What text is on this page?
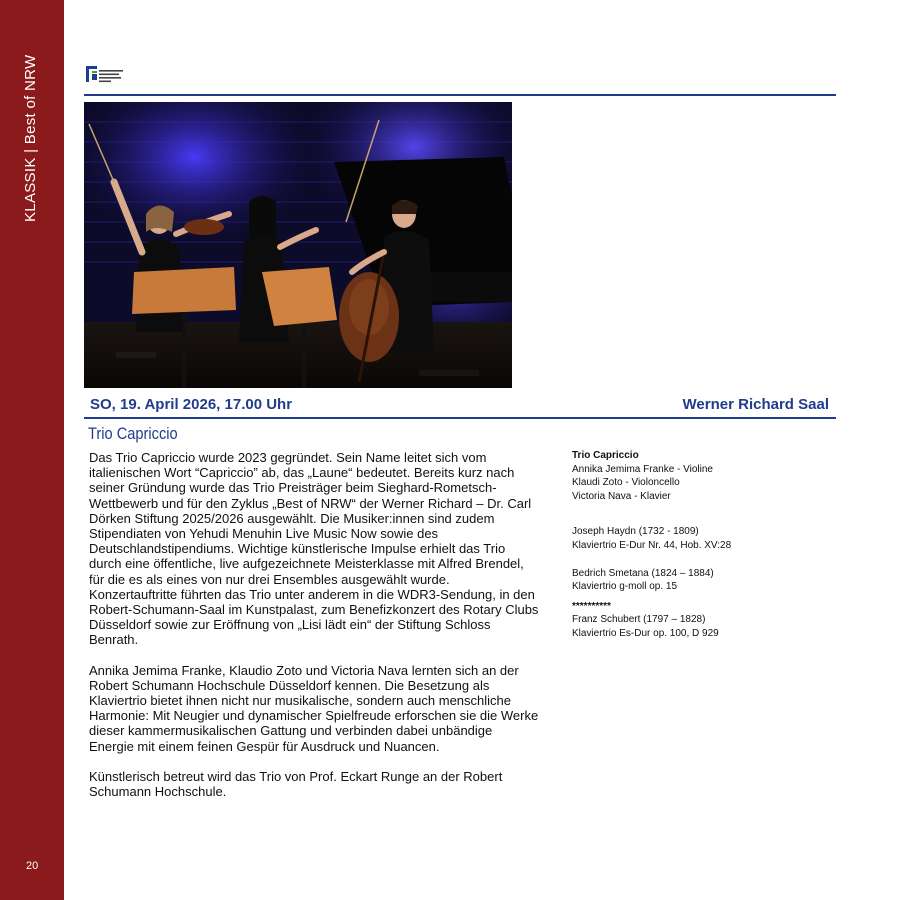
KLASSIK | Best of NRW
20
SO, 19. April 2026, 17.00 Uhr	Werner Richard Saal
Trio Capriccio

Das Trio Capriccio wurde 2023 gegründet. Sein Name leitet sich vom italienischen Wort “Capriccio” ab, das „Laune“ bedeutet. Bereits kurz nach seiner Gründung wurde das Trio Preisträger beim Sieghard-Rometsch-Wettbewerb und für den Zyklus „Best of NRW“ der Werner Richard – Dr. Carl Dörken Stiftung 2025/2026 ausgewählt. Die Musiker:innen sind zudem Stipendiaten von Yehudi Menuhin Live Music Now sowie des Deutschlandstipendiums. Wichtige künstlerische Impulse erhielt das Trio durch eine öffentliche, live aufgezeichnete Meisterklasse mit Alfred Brendel, für die es als eines von nur drei Ensembles ausgewählt wurde. Konzertauftritte führten das Trio unter anderem in die WDR3-Sendung, in den Robert-Schumann-Saal im Kunstpalast, zum Benefizkonzert des Rotary Clubs Düsseldorf sowie zur Eröffnung von „Lisi lädt ein“ der Stiftung Schloss Benrath.

Annika Jemima Franke, Klaudio Zoto und Victoria Nava lernten sich an der Robert Schumann Hochschule Düsseldorf kennen. Die Besetzung als Klaviertrio bietet ihnen nicht nur musikalische, sondern auch menschliche Harmonie: Mit Neugier und dynamischer Spielfreude erforschen sie die Werke dieser kammermusikalischen Gattung und verbinden dabei unbändige Energie mit einem feinen Gespür für Ausdruck und Nuancen.

Künstlerisch betreut wird das Trio von Prof. Eckart Runge an der Robert Schumann Hochschule.

Trio Capriccio
Annika Jemima Franke - Violine
Klaudi Zoto - Violoncello
Victoria Nava - Klavier
Joseph Haydn (1732 - 1809)
Klaviertrio E-Dur Nr. 44, Hob. XV:28
Bedrich Smetana (1824 – 1884)
Klaviertrio g-moll op. 15
**********
Franz Schubert (1797 – 1828)
Klaviertrio Es-Dur op. 100, D 929
